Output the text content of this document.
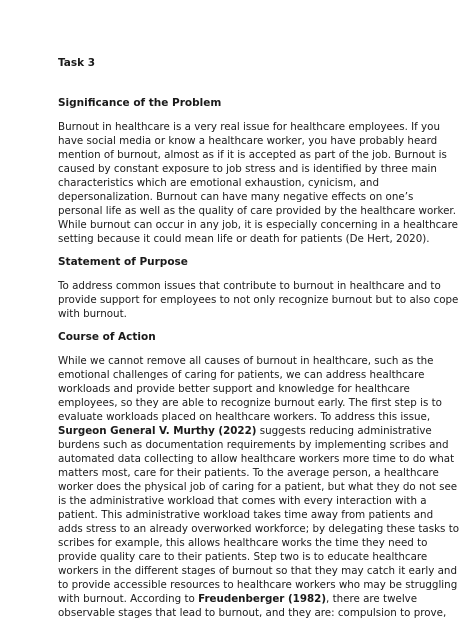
Task 3
Significance of the Problem

Burnout in healthcare is a very real issue for healthcare employees. If you
have social media or know a healthcare worker, you have probably heard
mention of burnout, almost as if it is accepted as part of the job. Burnout is
caused by constant exposure to job stress and is identified by three main
characteristics which are emotional exhaustion, cynicism, and
depersonalization. Burnout can have many negative effects on one’s
personal life as well as the quality of care provided by the healthcare worker.
While burnout can occur in any job, it is especially concerning in a healthcare
setting because it could mean life or death for patients (De Hert, 2020).

Statement of Purpose

To address common issues that contribute to burnout in healthcare and to
provide support for employees to not only recognize burnout but to also cope
with burnout.

Course of Action

While we cannot remove all causes of burnout in healthcare, such as the
emotional challenges of caring for patients, we can address healthcare
workloads and provide better support and knowledge for healthcare
employees, so they are able to recognize burnout early. The first step is to
evaluate workloads placed on healthcare workers. To address this issue,
Surgeon General V. Murthy (2022) suggests reducing administrative
burdens such as documentation requirements by implementing scribes and
automated data collecting to allow healthcare workers more time to do what
matters most, care for their patients. To the average person, a healthcare
worker does the physical job of caring for a patient, but what they do not see
is the administrative workload that comes with every interaction with a
patient. This administrative workload takes time away from patients and
adds stress to an already overworked workforce; by delegating these tasks to
scribes for example, this allows healthcare works the time they need to
provide quality care to their patients. Step two is to educate healthcare
workers in the different stages of burnout so that they may catch it early and
to provide accessible resources to healthcare workers who may be struggling
with burnout. According to Freudenberger (1982), there are twelve
observable stages that lead to burnout, and they are: compulsion to prove,
